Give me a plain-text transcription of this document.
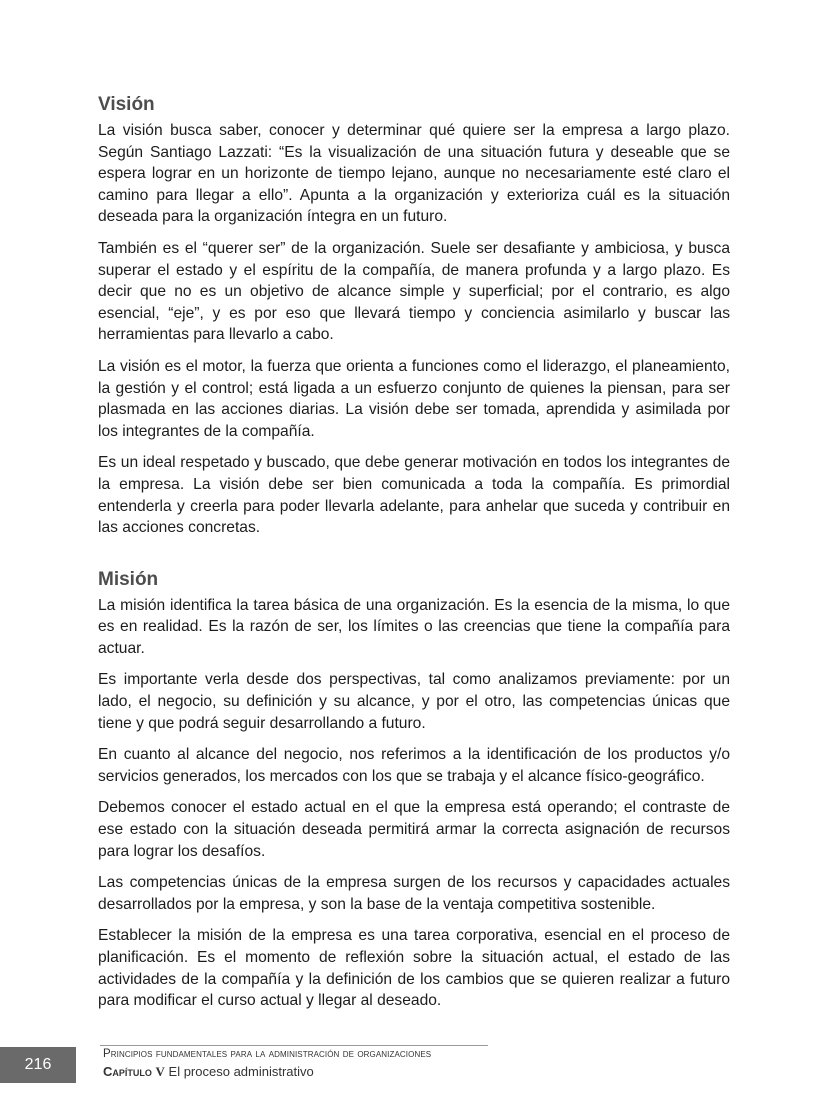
Visión

La visión busca saber, conocer y determinar qué quiere ser la empresa a largo plazo. Según Santiago Lazzati: “Es la visualización de una situación futura y deseable que se espera lograr en un horizonte de tiempo lejano, aunque no necesariamente esté claro el camino para llegar a ello”. Apunta a la organización y exterioriza cuál es la situación deseada para la organización íntegra en un futuro.

También es el “querer ser” de la organización. Suele ser desafiante y ambiciosa, y busca superar el estado y el espíritu de la compañía, de manera profunda y a largo plazo. Es decir que no es un objetivo de alcance simple y superficial; por el contrario, es algo esencial, “eje”, y es por eso que llevará tiempo y conciencia asimilarlo y buscar las herramientas para llevarlo a cabo.

La visión es el motor, la fuerza que orienta a funciones como el liderazgo, el planeamiento, la gestión y el control; está ligada a un esfuerzo conjunto de quienes la piensan, para ser plasmada en las acciones diarias. La visión debe ser tomada, aprendida y asimilada por los integrantes de la compañía.

Es un ideal respetado y buscado, que debe generar motivación en todos los integrantes de la empresa. La visión debe ser bien comunicada a toda la compañía. Es primordial entenderla y creerla para poder llevarla adelante, para anhelar que suceda y contribuir en las acciones concretas.

Misión

La misión identifica la tarea básica de una organización. Es la esencia de la misma, lo que es en realidad. Es la razón de ser, los límites o las creencias que tiene la compañía para actuar.

Es importante verla desde dos perspectivas, tal como analizamos previamente: por un lado, el negocio, su definición y su alcance, y por el otro, las competencias únicas que tiene y que podrá seguir desarrollando a futuro.

En cuanto al alcance del negocio, nos referimos a la identificación de los productos y/o servicios generados, los mercados con los que se trabaja y el alcance físico-geográfico.

Debemos conocer el estado actual en el que la empresa está operando; el contraste de ese estado con la situación deseada permitirá armar la correcta asignación de recursos para lograr los desafíos.

Las competencias únicas de la empresa surgen de los recursos y capacidades actuales desarrollados por la empresa, y son la base de la ventaja competitiva sostenible.

Establecer la misión de la empresa es una tarea corporativa, esencial en el proceso de planificación. Es el momento de reflexión sobre la situación actual, el estado de las actividades de la compañía y la definición de los cambios que se quieren realizar a futuro para modificar el curso actual y llegar al deseado.

216
Principios fundamentales para la administración de organizaciones
Capítulo V El proceso administrativo
